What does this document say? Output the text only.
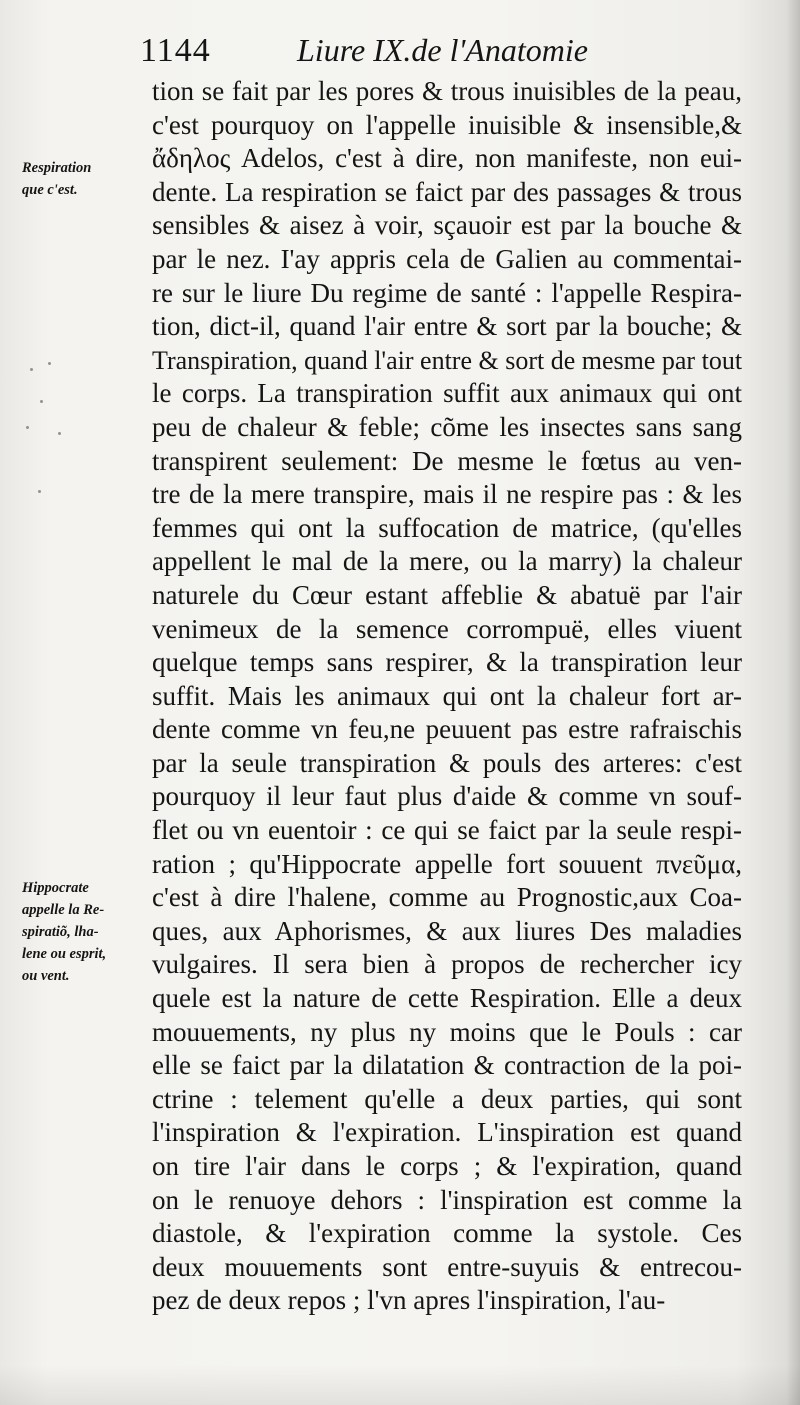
1144	Liure IX.de l'Anatomie
Respiration
que c'est.
Hippocrate
appelle la Re-
spiratiõ, lha-
lene ou esprit,
ou vent.
tion se fait par les pores & trous inuisibles de la peau,
c'est pourquoy on l'appelle inuisible & insensible,&
ἄδηλος Adelos, c'est à dire, non manifeste, non eui-
dente. La respiration se faict par des passages & trous
sensibles & aisez à voir, sçauoir est par la bouche &
par le nez. I'ay appris cela de Galien au commentai-
re sur le liure Du regime de santé : l'appelle Respira-
tion, dict-il, quand l'air entre & sort par la bouche; &
Transpiration, quand l'air entre & sort de mesme par tout
le corps. La transpiration suffit aux animaux qui ont
peu de chaleur & feble; cõme les insectes sans sang
transpirent seulement: De mesme le fœtus au ven-
tre de la mere transpire, mais il ne respire pas : & les
femmes qui ont la suffocation de matrice, (qu'elles
appellent le mal de la mere, ou la marry) la chaleur
naturele du Cœur estant affeblie & abatuë par l'air
venimeux de la semence corrompuë, elles viuent
quelque temps sans respirer, & la transpiration leur
suffit. Mais les animaux qui ont la chaleur fort ar-
dente comme vn feu,ne peuuent pas estre rafraischis
par la seule transpiration & pouls des arteres: c'est
pourquoy il leur faut plus d'aide & comme vn souf-
flet ou vn euentoir : ce qui se faict par la seule respi-
ration ; qu'Hippocrate appelle fort souuent πνεῦμα,
c'est à dire l'halene, comme au Prognostic,aux Coa-
ques, aux Aphorismes, & aux liures Des maladies
vulgaires. Il sera bien à propos de rechercher icy
quele est la nature de cette Respiration. Elle a deux
mouuements, ny plus ny moins que le Pouls : car
elle se faict par la dilatation & contraction de la poi-
ctrine : telement qu'elle a deux parties, qui sont
l'inspiration & l'expiration. L'inspiration est quand
on tire l'air dans le corps ; & l'expiration, quand
on le renuoye dehors : l'inspiration est comme la
diastole, & l'expiration comme la systole. Ces
deux mouuements sont entre-suyuis & entrecou-
pez de deux repos ; l'vn apres l'inspiration, l'au-
